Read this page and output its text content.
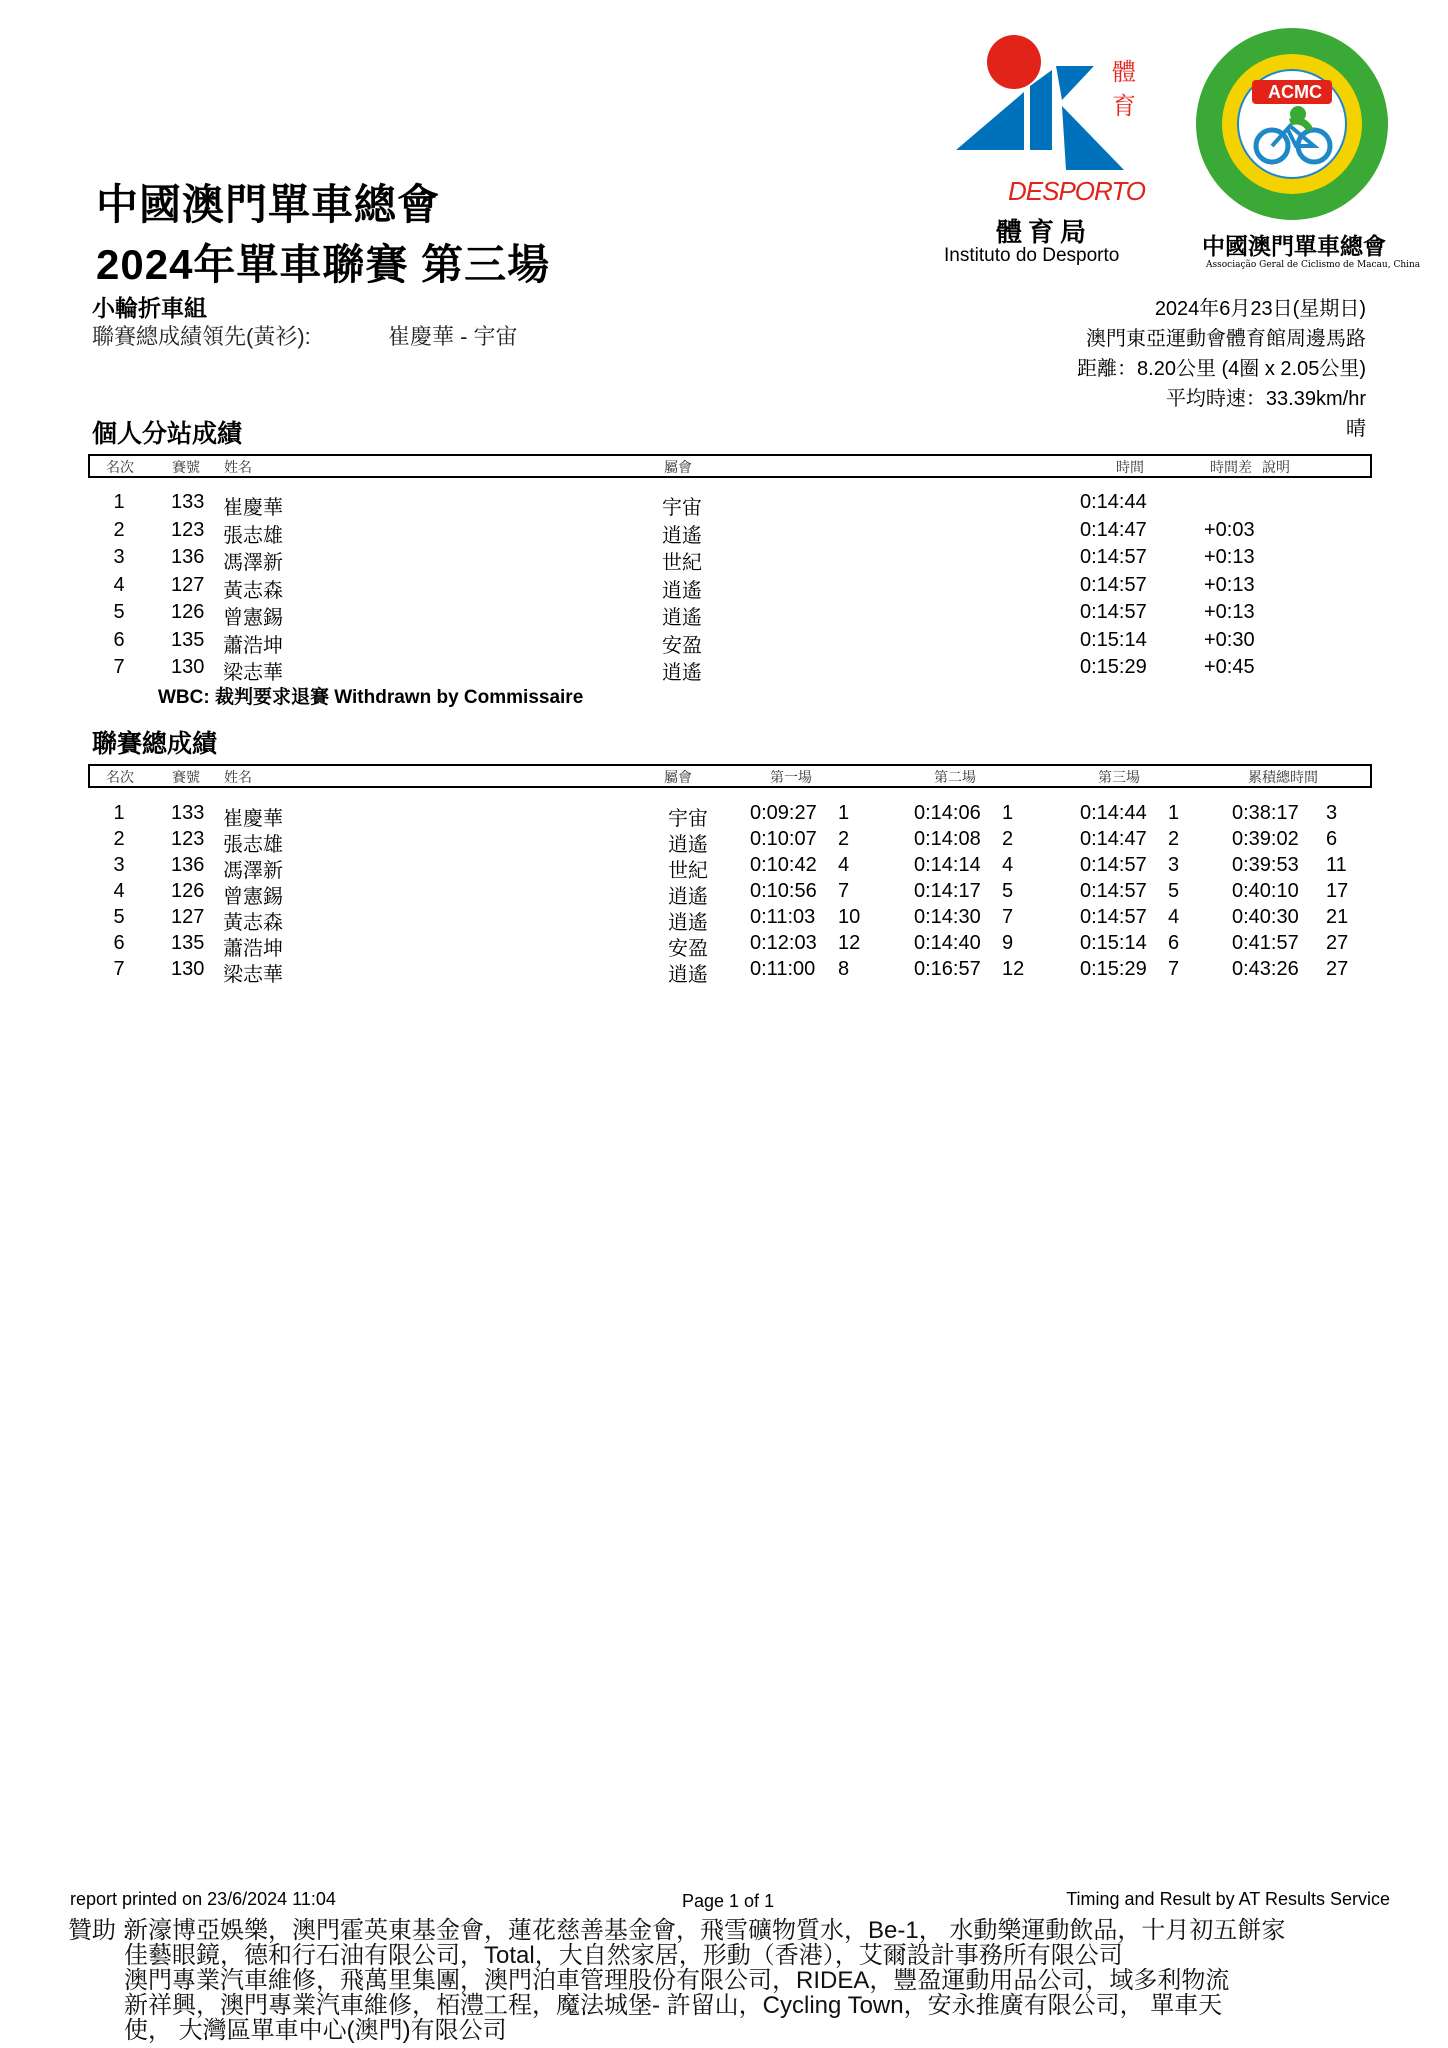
中國澳門單車總會
2024年單車聯賽 第三場
小輪折車組
聯賽總成績領先(黃衫):	崔慶華 - 宇宙
體育
DESPORTO
體育局
Instituto do Desporto
ACMC
中國澳門單車總會
Associação Geral de Ciclismo de Macau, China
2024年6月23日(星期日)
澳門東亞運動會體育館周邊馬路
距離：8.20公里 (4圈 x 2.05公里)
平均時速：33.39km/hr
晴
個人分站成績
名次	賽號 姓名	屬會	時間	時間差 說明
1	133 崔慶華	宇宙	0:14:44
2	123 張志雄	逍遙	0:14:47	+0:03
3	136 馮澤新	世紀	0:14:57	+0:13
4	127 黃志森	逍遙	0:14:57	+0:13
5	126 曾憲錫	逍遙	0:14:57	+0:13
6	135 蕭浩坤	安盈	0:15:14	+0:30
7	130 梁志華	逍遙	0:15:29	+0:45
WBC: 裁判要求退賽 Withdrawn by Commissaire
聯賽總成績
名次	賽號 姓名	屬會	第一場	第二場	第三場	累積總時間
1	133 崔慶華	宇宙 0:09:27 1	0:14:06 1	0:14:44 1	0:38:17 3
2	123 張志雄	逍遙 0:10:07 2	0:14:08 2	0:14:47 2	0:39:02 6
3	136 馮澤新	世紀 0:10:42 4	0:14:14 4	0:14:57 3	0:39:53 11
4	126 曾憲錫	逍遙 0:10:56 7	0:14:17 5	0:14:57 5	0:40:10 17
5	127 黃志森	逍遙 0:11:03 10	0:14:30 7	0:14:57 4	0:40:30 21
6	135 蕭浩坤	安盈 0:12:03 12	0:14:40 9	0:15:14 6	0:41:57 27
7	130 梁志華	逍遙 0:11:00 8	0:16:57 12	0:15:29 7	0:43:26 27
report printed on 23/6/2024 11:04	Page 1 of 1	Timing and Result by AT Results Service
贊助 :
新濠博亞娛樂，澳門霍英東基金會，蓮花慈善基金會，飛雪礦物質水，Be-1， 水動樂運動飲品，十月初五餅家
佳藝眼鏡，德和行石油有限公司，Total，大自然家居，形動（香港），艾爾設計事務所有限公司
澳門專業汽車維修，飛萬里集團，澳門泊車管理股份有限公司，RIDEA，豐盈運動用品公司，域多利物流
新祥興，澳門專業汽車維修，栢澧工程，魔法城堡- 許留山，Cycling Town，安永推廣有限公司， 單車天
使， 大灣區單車中心(澳門)有限公司
